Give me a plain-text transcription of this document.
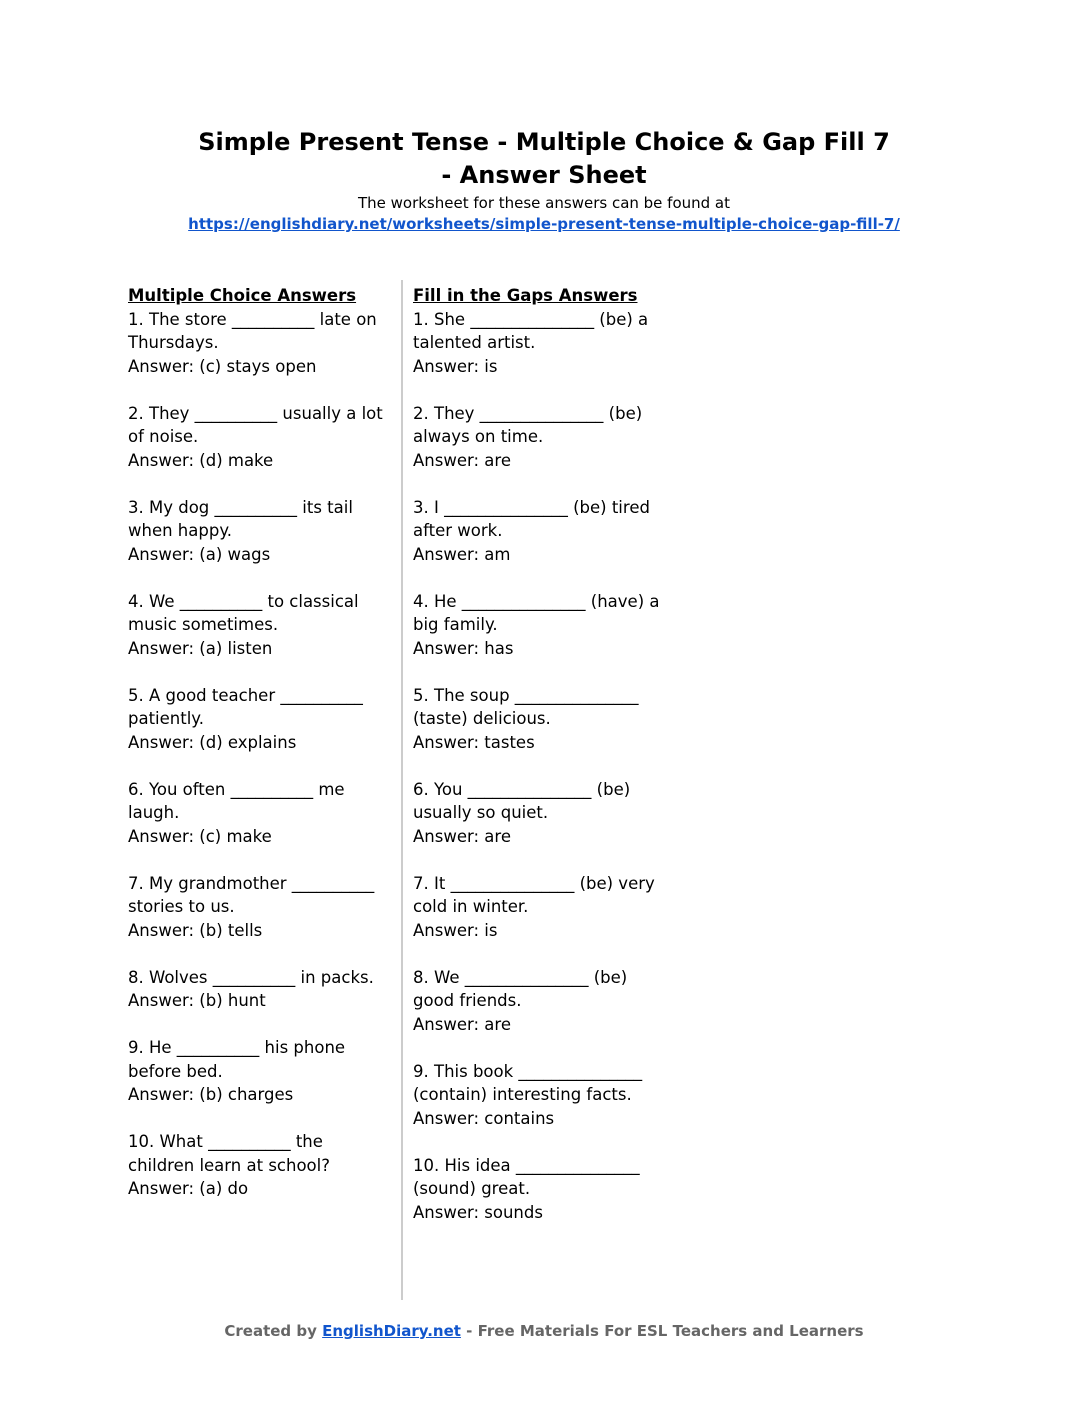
Simple Present Tense - Multiple Choice & Gap Fill 7
- Answer Sheet
The worksheet for these answers can be found at
https://englishdiary.net/worksheets/simple-present-tense-multiple-choice-gap-fill-7/

Multiple Choice Answers

1. The store __________ late on Thursdays.

Answer: (c) stays open

2. They __________ usually a lot of noise.

Answer: (d) make

3. My dog __________ its tail when happy.

Answer: (a) wags

4. We __________ to classical music sometimes.

Answer: (a) listen

5. A good teacher __________ patiently.

Answer: (d) explains

6. You often __________ me laugh.

Answer: (c) make

7. My grandmother __________ stories to us.

Answer: (b) tells

8. Wolves __________ in packs.

Answer: (b) hunt

9. He __________ his phone before bed.

Answer: (b) charges

10. What __________ the children learn at school?

Answer: (a) do

Fill in the Gaps Answers

1. She _______________ (be) a talented artist.

Answer: is

2. They _______________ (be) always on time.

Answer: are

3. I _______________ (be) tired after work.

Answer: am

4. He _______________ (have) a big family.

Answer: has

5. The soup _______________ (taste) delicious.

Answer: tastes

6. You _______________ (be) usually so quiet.

Answer: are

7. It _______________ (be) very cold in winter.

Answer: is

8. We _______________ (be) good friends.

Answer: are

9. This book _______________ (contain) interesting facts.

Answer: contains

10. His idea _______________ (sound) great.

Answer: sounds

Created by EnglishDiary.net - Free Materials For ESL Teachers and Learners
